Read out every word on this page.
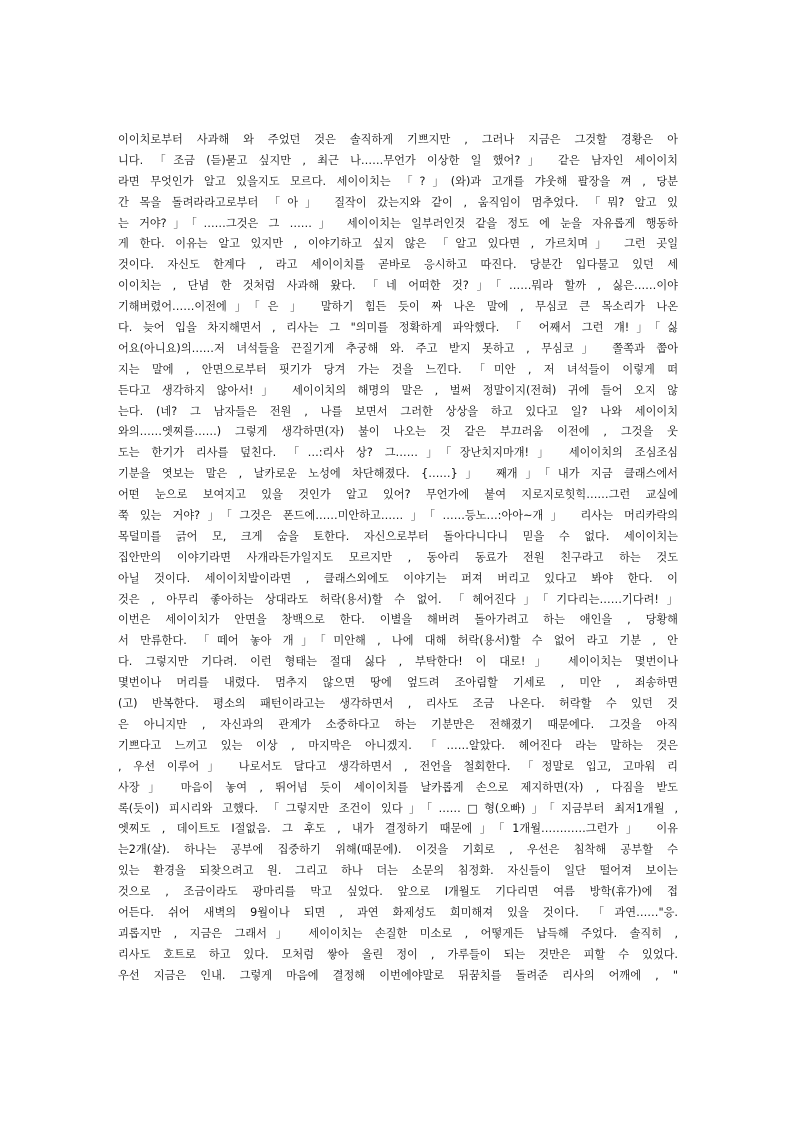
이이치로부터 사과해 와 주었던 것은 솔직하게 기쁘지만 , 그러나 지금은 그것할 경황은 아
니다. 「조금 (듣)묻고 싶지만 , 최근 나……무언가 이상한 일 했어?」 같은 남자인 세이이치
라면 무엇인가 알고 있을지도 모르다. 세이이치는 「?」(와)과 고개를 갸웃해 팔장을 껴 , 당분
간 목을 돌려라라고로부터 「아」 질작이 갔는지와 같이 , 움직임이 멈추었다. 「뭐? 알고 있
는 거야?」「……그것은 그 ……」 세이이치는 일부러인것 같을 정도 에 눈을 자유롭게 행동하
게 한다. 이유는 알고 있지만 , 이야기하고 싶지 않은 「알고 있다면 , 가르치며」 그런 곳일
것이다. 자신도 한계다 , 라고 세이이치를 곧바로 응시하고 따진다. 당분간 입다물고 있던 세
이이치는 , 단념 한 것처럼 사과해 왔다. 「네 어떠한 것?」「……뭐라 할까 , 싫은……이야
기해버렸어……이전에」「은 」 말하기 힘든 듯이 짜 나온 말에 , 무심코 큰 목소리가 나온
다. 늦어 입을 차지해면서 , 리사는 그 "의미를 정확하게 파악했다. 「 어째서 그런 걔!」「싫
어요(아니요)의……저 녀석들을 끈질기게 추궁해 와. 주고 받지 못하고 , 무심코」 쫄쪽과 쭙아
지는 말에 , 안면으로부터 핏기가 당겨 가는 것을 느낀다. 「미안 , 저 녀석들이 이렇게 떠
든다고 생각하지 않아서!」 세이이치의 해명의 말은 , 벌써 정말이지(전혀) 귀에 들어 오지 않
는다. (네? 그 남자들은 전원 , 나를 보면서 그러한 상상을 하고 있다고 일? 나와 세이이치
와의……엣찌를……) 그렇게 생각하면(자) 불이 나오는 것 같은 부끄러움 이전에 , 그것을 웃
도는 한기가 리사를 덮친다. 「…:리사 상? 그……」「장난치지마걔!」 세이이치의 조심조심
기분을 엿보는 말은 , 날카로운 노성에 차단해졌다. {……}」 째개」「내가 지금 클래스에서
어떤 눈으로 보여지고 있을 것인가 알고 있어? 무언가에 붙여 지로지로힛힉……그런 교실에
쭉 있는 거야?」「그것은 폰드에……미안하고……」「……등노…:아아~개」 리사는 머리카락의
목덜미를 긁어 모, 크게 숨을 토한다. 자신으로부터 돌아다니다니 믿을 수 없다. 세이이치는
집안만의 이야기라면 사개라든가일지도 모르지만 , 동아리 동료가 전원 친구라고 하는 것도
아닐 것이다. 세이이치발이라면 , 클래스외에도 이야기는 퍼져 버리고 있다고 봐야 한다. 이
것은 , 아무리 좋아하는 상대라도 허락(용서)할 수 없어. 「헤어진다」「기다리는……기다려!」
이번은 세이이치가 안면을 창백으로 한다. 이별을 해버려 돌아가려고 하는 애인을 , 당황해
서 만류한다. 「떼어 놓아 개」「미안해 , 나에 대해 허락(용서)할 수 없어 라고 기분 , 안
다. 그렇지만 기다려. 이런 형태는 절대 싫다 , 부탁한다! 이 대로!」 세이이치는 몇번이나
몇번이나 머리를 내렸다. 멈추지 않으면 땅에 엎드려 조아림할 기세로 , 미안 , 죄송하면
(고) 반복한다. 평소의 패턴이라고는 생각하면서 , 리사도 조금 나온다. 허락할 수 있던 것
은 아니지만 , 자신과의 관계가 소중하다고 하는 기분만은 전해졌기 때문에다. 그것을 아직
기쁘다고 느끼고 있는 이상 , 마지막은 아니겠지. 「……알았다. 헤어진다 라는 말하는 것은
, 우선 이루어」 나로서도 달다고 생각하면서 , 전언을 철회한다. 「정말로 입고, 고마워 리
사장」 마음이 놓여 , 뛰어넘 듯이 세이이치를 날카롭게 손으로 제지하면(자) , 다짐을 받도
록(듯이) 피시리와 고했다. 「그렇지만 조건이 있다」「……□형(오빠)」「지금부터 최저1개월 ,
엣찌도 , 데이트도 I절없음. 그 후도 , 내가 결정하기 때문에」「1개월…………그런가」 이유
는2개(살). 하나는 공부에 집중하기 위해(때문에). 이것을 기회로 , 우선은 침착해 공부할 수
있는 환경을 되찾으려고 원. 그리고 하나 더는 소문의 침정화. 자신들이 일단 떨어져 보이는
것으로 , 조금이라도 광마리를 막고 싶었다. 앞으로 I개월도 기다리면 여름 방학(휴가)에 접
어든다. 쉬어 새벽의 9월이나 되면 , 과연 화제성도 희미해져 있을 것이다. 「과연……"응.
괴롭지만 , 지금은 그래서」 세이이치는 손질한 미소로 , 어떻게든 납득해 주었다. 솔직히 ,
리사도 호트로 하고 있다. 모처럼 쌓아 올린 정이 , 가루들이 되는 것만은 피할 수 있었다.
우선 지금은 인내. 그렇게 마음에 결정해 이번에야말로 뒤꿈치를 돌려준 리사의 어깨에 , "
